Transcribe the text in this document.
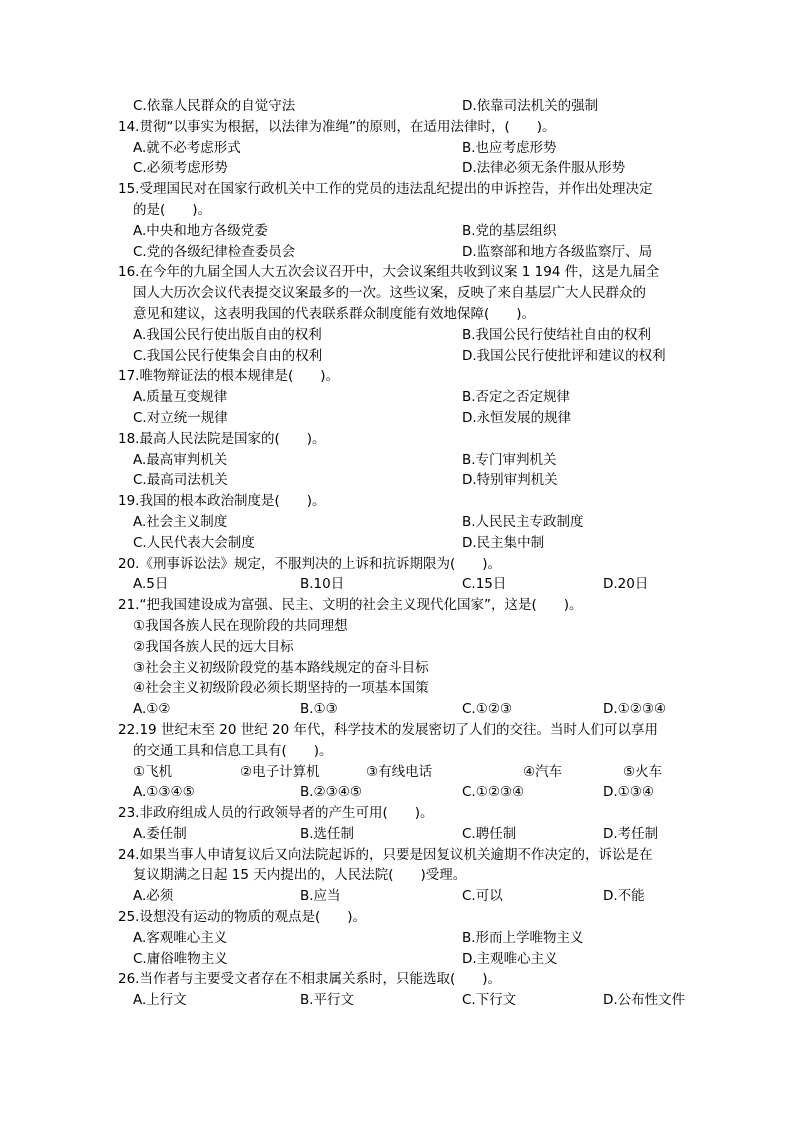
C.依靠人民群众的自觉守法	D.依靠司法机关的强制
14.贯彻“以事实为根据，以法律为准绳”的原则，在适用法律时，(　　)。
A.就不必考虑形式	B.也应考虑形势
C.必须考虑形势	D.法律必须无条件服从形势
15.受理国民对在国家行政机关中工作的党员的违法乱纪提出的申诉控告，并作出处理决定
的是(　　)。
A.中央和地方各级党委	B.党的基层组织
C.党的各级纪律检查委员会	D.监察部和地方各级监察厅、局
16.在今年的九届全国人大五次会议召开中，大会议案组共收到议案 1 194 件，这是九届全
国人大历次会议代表提交议案最多的一次。这些议案，反映了来自基层广大人民群众的
意见和建议，这表明我国的代表联系群众制度能有效地保障(　　)。
A.我国公民行使出版自由的权利	B.我国公民行使结社自由的权利
C.我国公民行使集会自由的权利	D.我国公民行使批评和建议的权利
17.唯物辩证法的根本规律是(　　)。
A.质量互变规律	B.否定之否定规律
C.对立统一规律	D.永恒发展的规律
18.最高人民法院是国家的(　　)。
A.最高审判机关	B.专门审判机关
C.最高司法机关	D.特别审判机关
19.我国的根本政治制度是(　　)。
A.社会主义制度	B.人民民主专政制度
C.人民代表大会制度	D.民主集中制
20.《刑事诉讼法》规定，不服判决的上诉和抗诉期限为(　　)。
A.5日	B.10日	C.15日	D.20日
21.“把我国建设成为富强、民主、文明的社会主义现代化国家”，这是(　　)。
①我国各族人民在现阶段的共同理想
②我国各族人民的远大目标
③社会主义初级阶段党的基本路线规定的奋斗目标
④社会主义初级阶段必须长期坚持的一项基本国策
A.①②	B.①③	C.①②③	D.①②③④
22.19 世纪末至 20 世纪 20 年代，科学技术的发展密切了人们的交往。当时人们可以享用
的交通工具和信息工具有(　　)。
①飞机	②电子计算机	③有线电话	④汽车	⑤火车
A.①③④⑤	B.②③④⑤	C.①②③④	D.①③④
23.非政府组成人员的行政领导者的产生可用(　　)。
A.委任制	B.选任制	C.聘任制	D.考任制
24.如果当事人申请复议后又向法院起诉的，只要是因复议机关逾期不作决定的，诉讼是在
复议期满之日起 15 天内提出的，人民法院(　　)受理。
A.必须	B.应当	C.可以	D.不能
25.设想没有运动的物质的观点是(　　)。
A.客观唯心主义	B.形而上学唯物主义
C.庸俗唯物主义	D.主观唯心主义
26.当作者与主要受文者存在不相隶属关系时，只能选取(　　)。
A.上行文	B.平行文	C.下行文	D.公布性文件
